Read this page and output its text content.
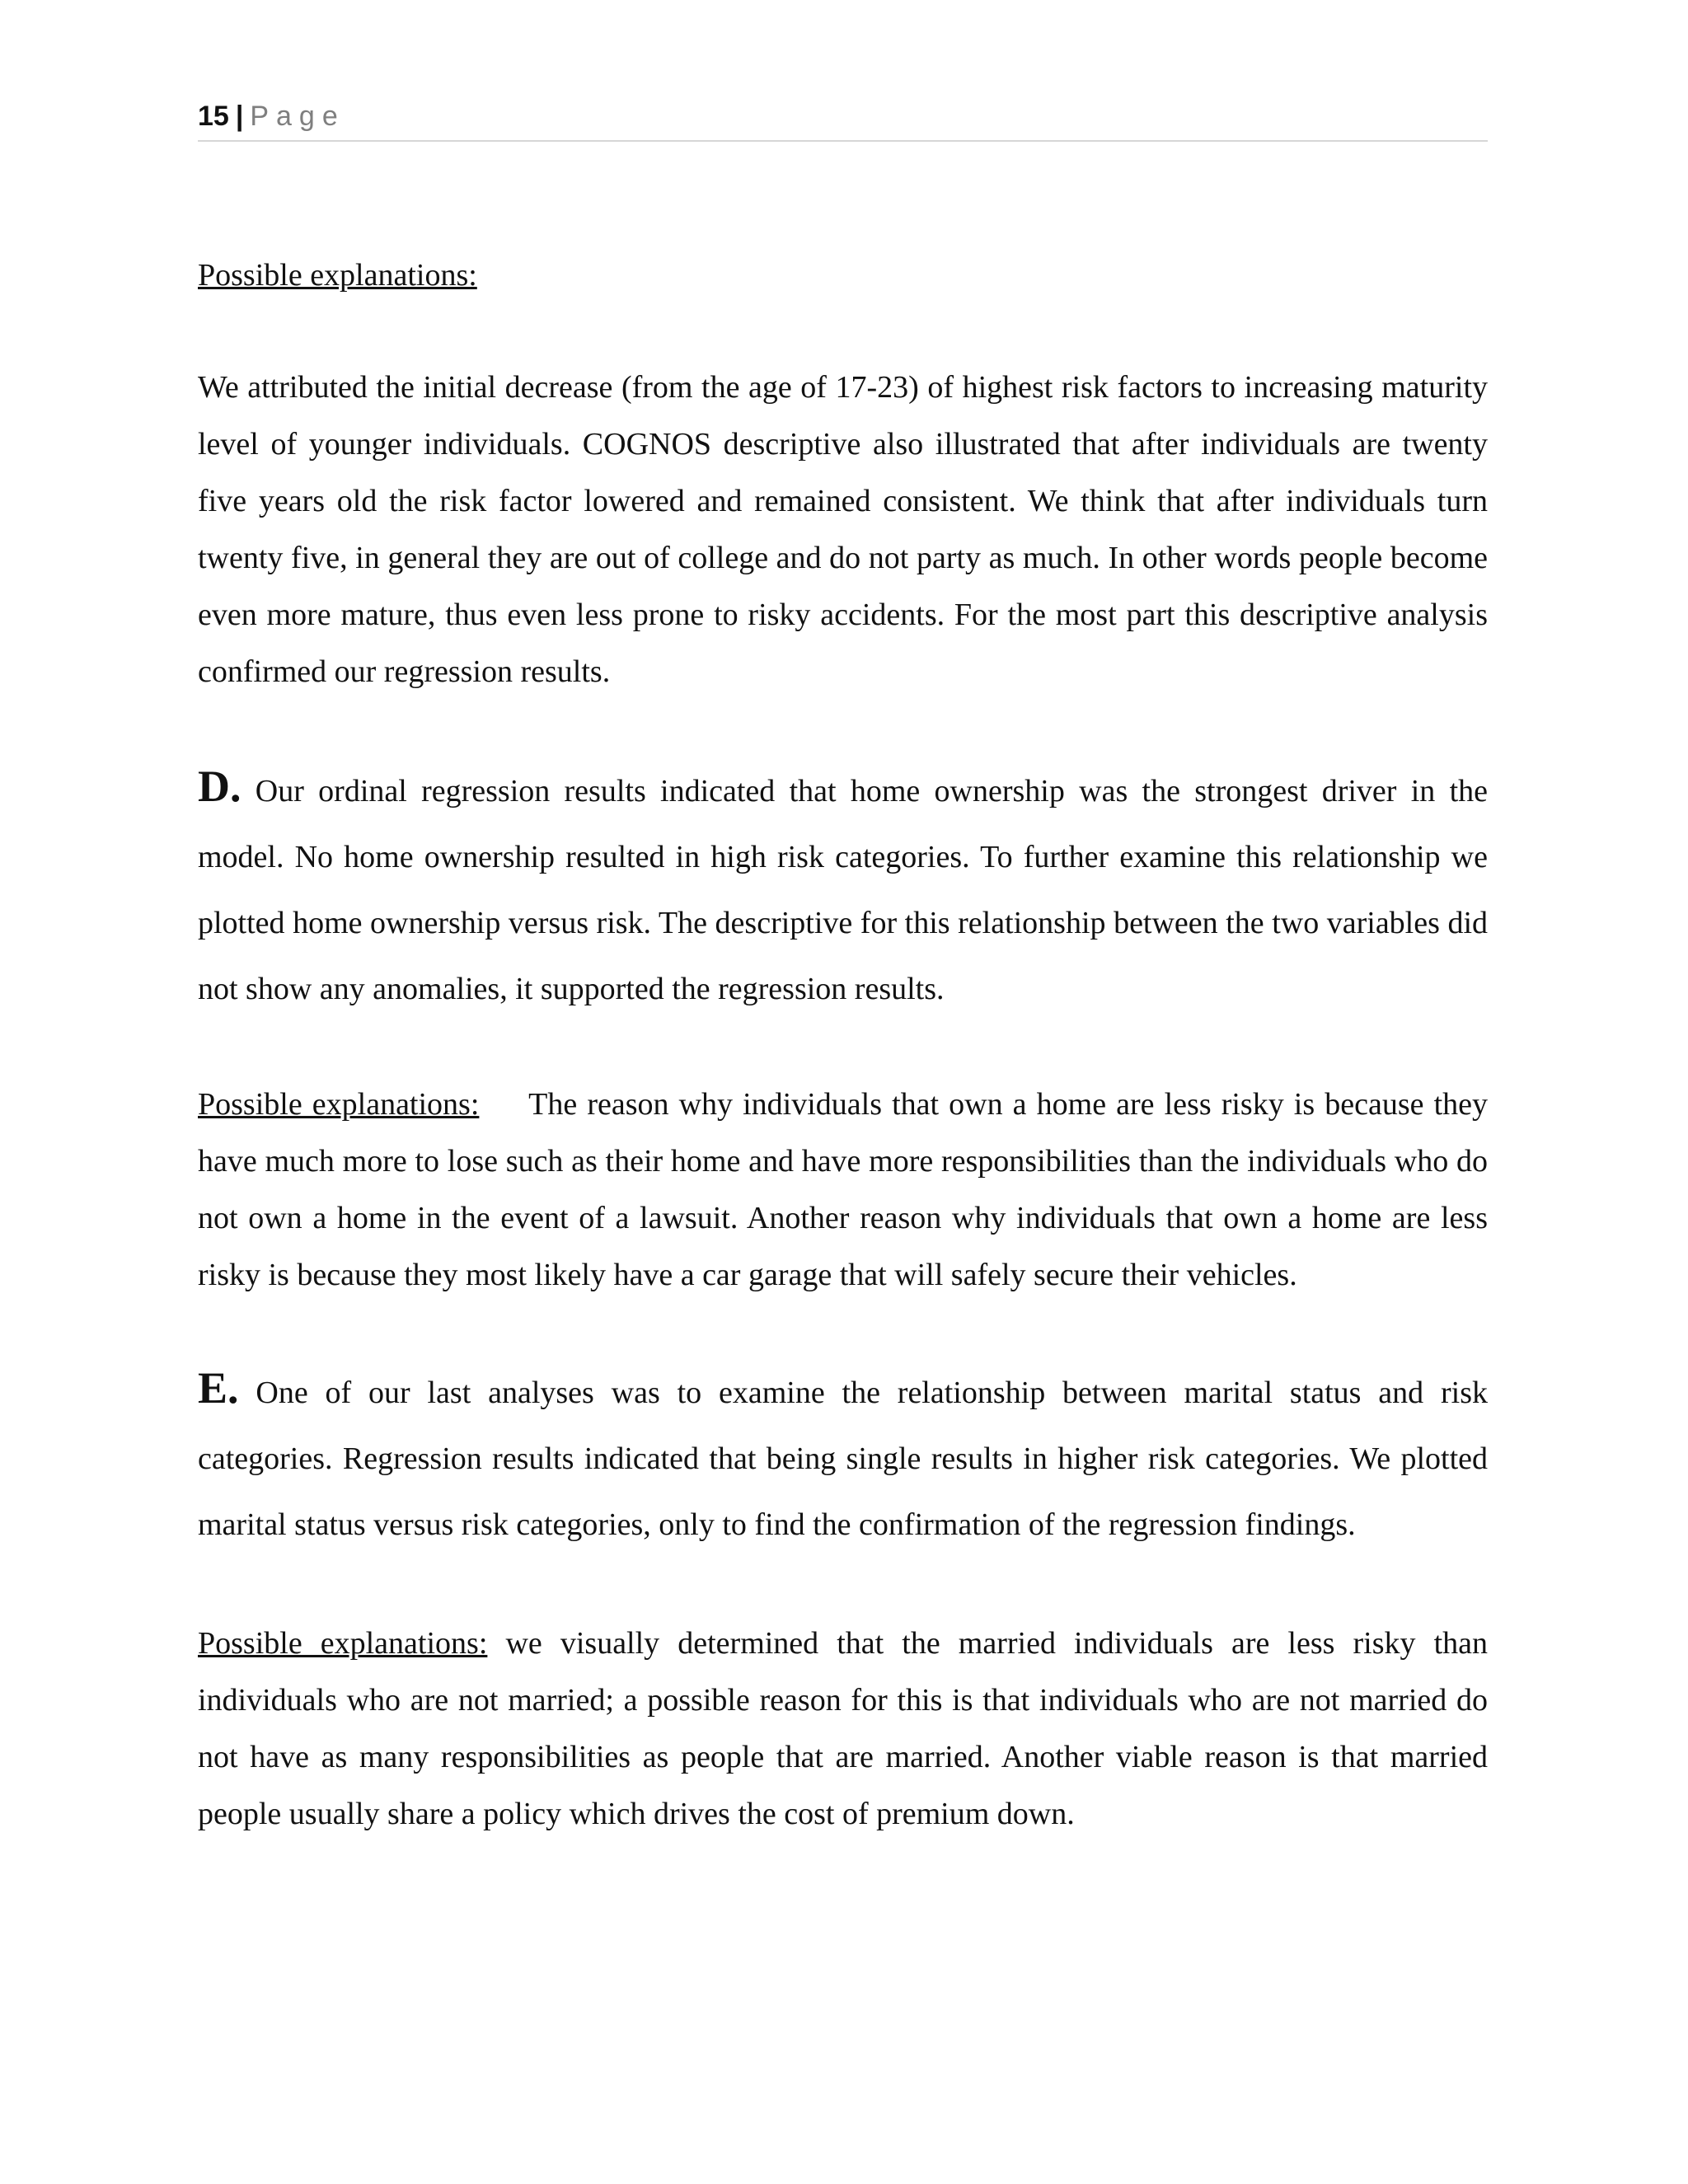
15 | Page

Possible explanations:

We attributed the initial decrease (from the age of 17-23) of highest risk factors to increasing maturity level of younger individuals. COGNOS descriptive also illustrated that after individuals are twenty five years old the risk factor lowered and remained consistent. We think that after individuals turn twenty five, in general they are out of college and do not party as much. In other words people become even more mature, thus even less prone to risky accidents. For the most part this descriptive analysis confirmed our regression results.

D. Our ordinal regression results indicated that home ownership was the strongest driver in the model. No home ownership resulted in high risk categories. To further examine this relationship we plotted home ownership versus risk. The descriptive for this relationship between the two variables did not show any anomalies, it supported the regression results.

Possible explanations: The reason why individuals that own a home are less risky is because they have much more to lose such as their home and have more responsibilities than the individuals who do not own a home in the event of a lawsuit. Another reason why individuals that own a home are less risky is because they most likely have a car garage that will safely secure their vehicles.

E. One of our last analyses was to examine the relationship between marital status and risk categories. Regression results indicated that being single results in higher risk categories. We plotted marital status versus risk categories, only to find the confirmation of the regression findings.

Possible explanations: we visually determined that the married individuals are less risky than individuals who are not married; a possible reason for this is that individuals who are not married do not have as many responsibilities as people that are married. Another viable reason is that married people usually share a policy which drives the cost of premium down.
